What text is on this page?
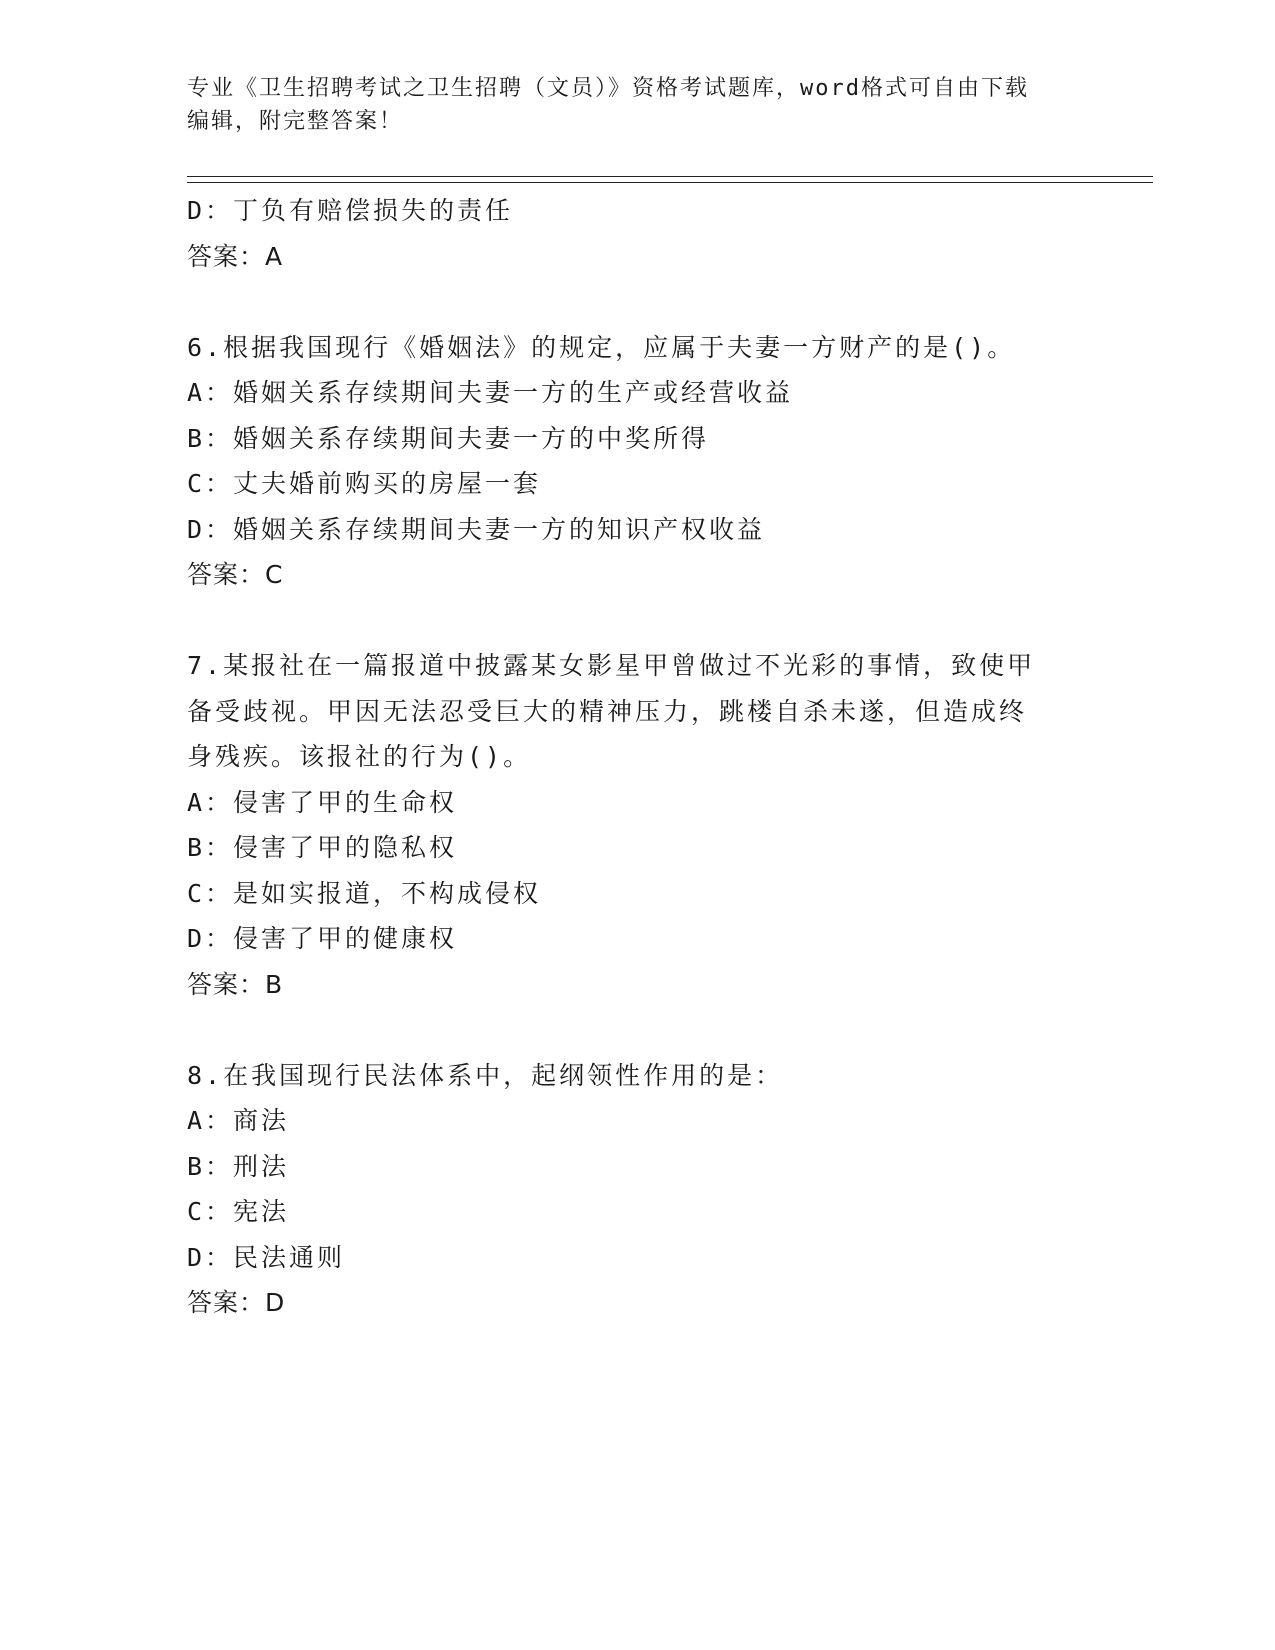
专业《卫生招聘考试之卫生招聘（文员）》资格考试题库，word格式可自由下载
编辑，附完整答案！
D：丁负有赔偿损失的责任
答案：A
6.根据我国现行《婚姻法》的规定，应属于夫妻一方财产的是()。
A：婚姻关系存续期间夫妻一方的生产或经营收益
B：婚姻关系存续期间夫妻一方的中奖所得
C：丈夫婚前购买的房屋一套
D：婚姻关系存续期间夫妻一方的知识产权收益
答案：C
7.某报社在一篇报道中披露某女影星甲曾做过不光彩的事情，致使甲
备受歧视。甲因无法忍受巨大的精神压力，跳楼自杀未遂，但造成终
身残疾。该报社的行为()。
A：侵害了甲的生命权
B：侵害了甲的隐私权
C：是如实报道，不构成侵权
D：侵害了甲的健康权
答案：B
8.在我国现行民法体系中，起纲领性作用的是：
A：商法
B：刑法
C：宪法
D：民法通则
答案：D
